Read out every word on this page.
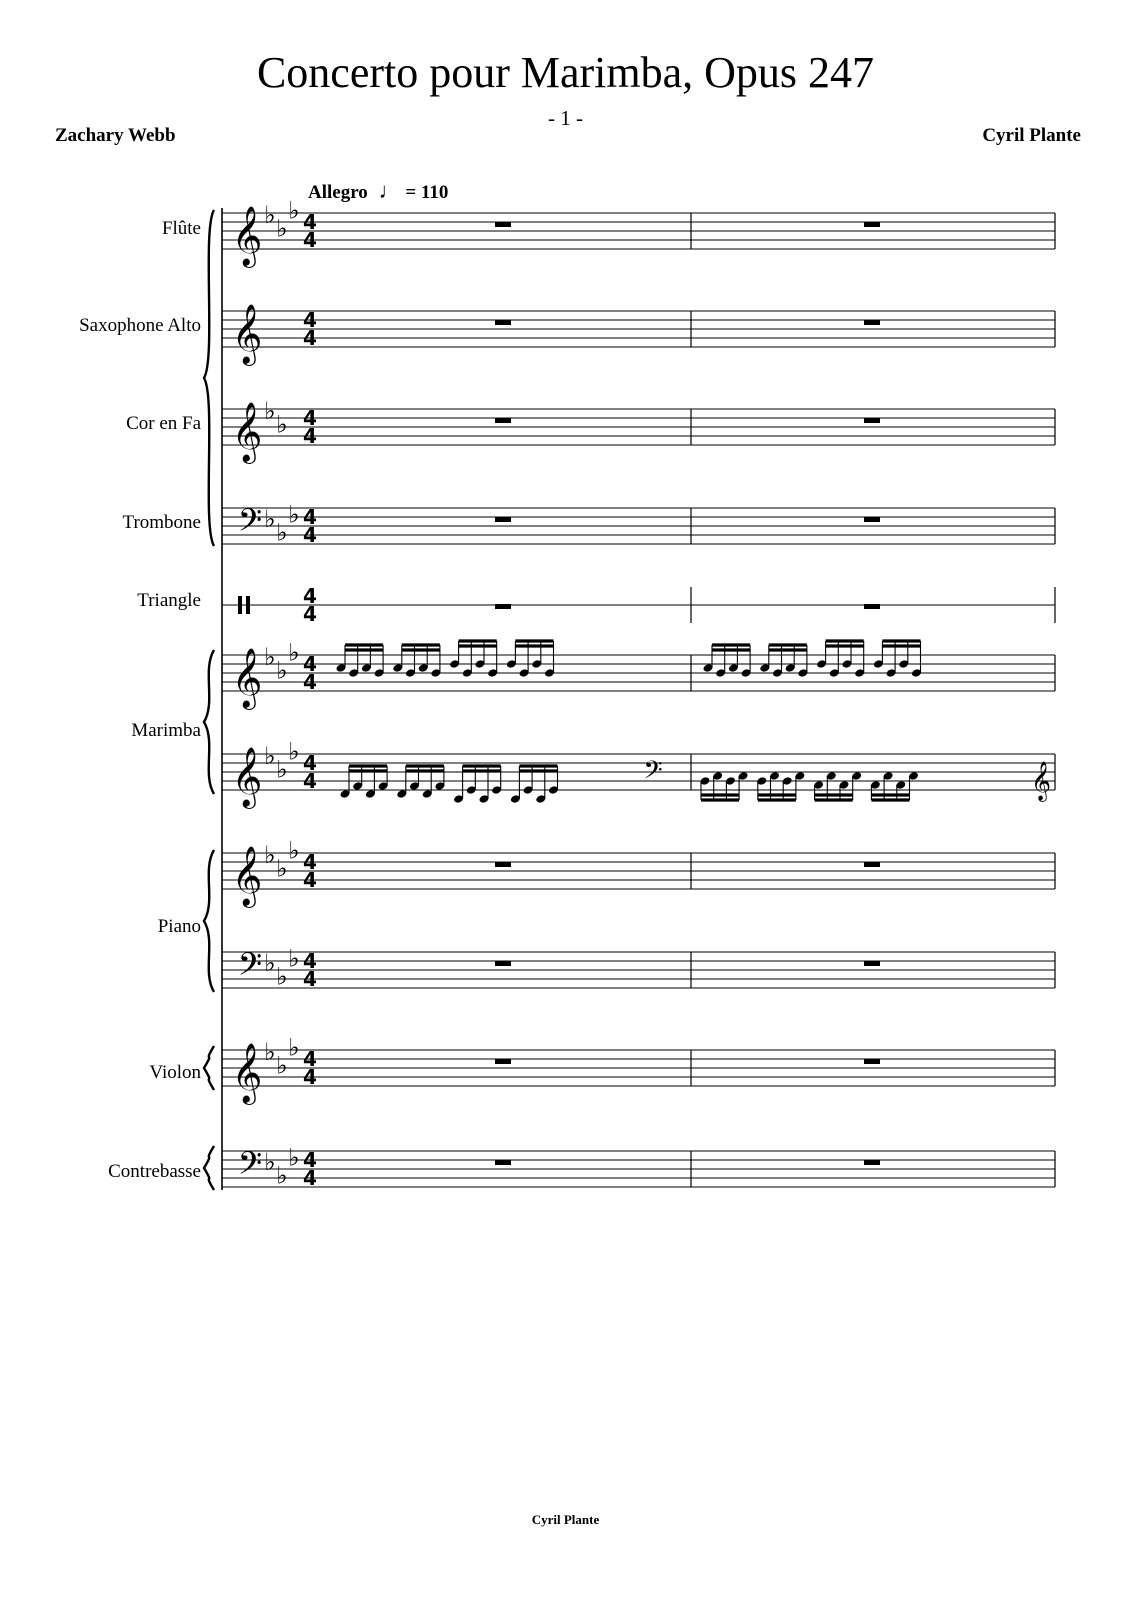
Concerto pour Marimba, Opus 247
- 1 -
Zachary Webb	Cyril Plante
Allegro ♩ = 110
Flûte
Saxophone Alto
Cor en Fa
Trombone
Triangle
Marimba
Piano
Violon
Contrebasse
𝄞 ♭ ♭
♭ 4
4
𝄞 4
4
𝄞 ♭ ♭ 4
4
𝄢 ♭ ♭
♭ 4
4
4
4
𝄞 ♭ ♭
♭ 4
4
𝄞 ♭ ♭
♭ 4
4
𝄞 ♭ ♭
♭ 4
4
𝄢 ♭ ♭
♭ 4
4
𝄞 ♭ ♭
♭ 4
4
𝄢 ♭ ♭
♭ 4
4
𝄢	𝄞
Cyril Plante
